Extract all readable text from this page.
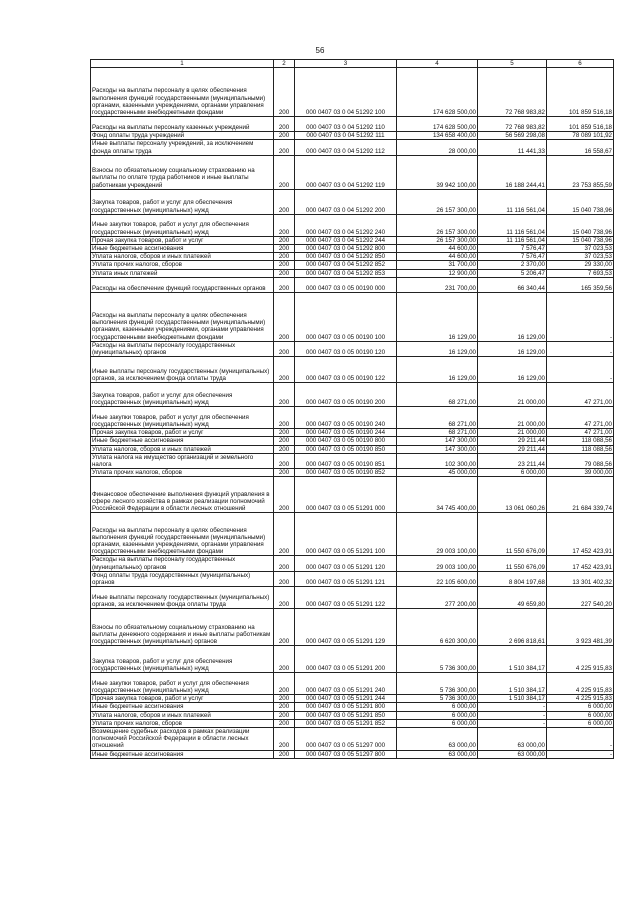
56
1	2	3	4	5	6
Расходы на выплаты персоналу в целях обеспечения выполнения функций государственными (муниципальными) органами, казенными учреждениями, органами управления государственными внебюджетными фондами	200	000 0407 03 0 04 51292 100	174 628 500,00	72 768 983,82	101 859 516,18
Расходы на выплаты персоналу казенных учреждений	200	000 0407 03 0 04 51292 110	174 628 500,00	72 768 983,82	101 859 516,18
Фонд оплаты труда учреждений	200	000 0407 03 0 04 51292 111	134 658 400,00	56 569 298,08	78 089 101,92
Иные выплаты персоналу учреждений, за исключением фонда оплаты труда	200	000 0407 03 0 04 51292 112	28 000,00	11 441,33	16 558,67
Взносы по обязательному социальному страхованию на выплаты по оплате труда работников и иные выплаты работникам учреждений	200	000 0407 03 0 04 51292 119	39 942 100,00	16 188 244,41	23 753 855,59
Закупка товаров, работ и услуг для обеспечения государственных (муниципальных) нужд	200	000 0407 03 0 04 51292 200	26 157 300,00	11 116 561,04	15 040 738,96
Иные закупки товаров, работ и услуг для обеспечения государственных (муниципальных) нужд	200	000 0407 03 0 04 51292 240	26 157 300,00	11 116 561,04	15 040 738,96
Прочая закупка товаров, работ и услуг	200	000 0407 03 0 04 51292 244	26 157 300,00	11 116 561,04	15 040 738,96
Иные бюджетные ассигнования	200	000 0407 03 0 04 51292 800	44 600,00	7 576,47	37 023,53
Уплата налогов, сборов и иных платежей	200	000 0407 03 0 04 51292 850	44 600,00	7 576,47	37 023,53
Уплата прочих налогов, сборов	200	000 0407 03 0 04 51292 852	31 700,00	2 370,00	29 330,00
Уплата иных платежей	200	000 0407 03 0 04 51292 853	12 900,00	5 206,47	7 693,53
Расходы на обеспечение функций государственных органов	200	000 0407 03 0 05 00190 000	231 700,00	66 340,44	165 359,56
Расходы на выплаты персоналу в целях обеспечения выполнения функций государственными (муниципальными) органами, казенными учреждениями, органами управления государственными внебюджетными фондами	200	000 0407 03 0 05 00190 100	16 129,00	16 129,00	-
Расходы на выплаты персоналу государственных (муниципальных) органов	200	000 0407 03 0 05 00190 120	16 129,00	16 129,00	-
Иные выплаты персоналу государственных (муниципальных) органов, за исключением фонда оплаты труда	200	000 0407 03 0 05 00190 122	16 129,00	16 129,00	-
Закупка товаров, работ и услуг для обеспечения государственных (муниципальных) нужд	200	000 0407 03 0 05 00190 200	68 271,00	21 000,00	47 271,00
Иные закупки товаров, работ и услуг для обеспечения государственных (муниципальных) нужд	200	000 0407 03 0 05 00190 240	68 271,00	21 000,00	47 271,00
Прочая закупка товаров, работ и услуг	200	000 0407 03 0 05 00190 244	68 271,00	21 000,00	47 271,00
Иные бюджетные ассигнования	200	000 0407 03 0 05 00190 800	147 300,00	29 211,44	118 088,56
Уплата налогов, сборов и иных платежей	200	000 0407 03 0 05 00190 850	147 300,00	29 211,44	118 088,56
Уплата налога на имущество организаций и земельного налога	200	000 0407 03 0 05 00190 851	102 300,00	23 211,44	79 088,56
Уплата прочих налогов, сборов	200	000 0407 03 0 05 00190 852	45 000,00	6 000,00	39 000,00
Финансовое обеспечение выполнения функций управления в сфере лесного хозяйства в рамках реализации полномочий Российской Федерации в области лесных отношений	200	000 0407 03 0 05 51291 000	34 745 400,00	13 061 060,26	21 684 339,74
Расходы на выплаты персоналу в целях обеспечения выполнения функций государственными (муниципальными) органами, казенными учреждениями, органами управления государственными внебюджетными фондами	200	000 0407 03 0 05 51291 100	29 003 100,00	11 550 676,09	17 452 423,91
Расходы на выплаты персоналу государственных (муниципальных) органов	200	000 0407 03 0 05 51291 120	29 003 100,00	11 550 676,09	17 452 423,91
Фонд оплаты труда государственных (муниципальных) органов	200	000 0407 03 0 05 51291 121	22 105 600,00	8 804 197,68	13 301 402,32
Иные выплаты персоналу государственных (муниципальных) органов, за исключением фонда оплаты труда	200	000 0407 03 0 05 51291 122	277 200,00	49 659,80	227 540,20
Взносы по обязательному социальному страхованию на выплаты денежного содержания и иные выплаты работникам государственных (муниципальных) органов	200	000 0407 03 0 05 51291 129	6 620 300,00	2 696 818,61	3 923 481,39
Закупка товаров, работ и услуг для обеспечения государственных (муниципальных) нужд	200	000 0407 03 0 05 51291 200	5 736 300,00	1 510 384,17	4 225 915,83
Иные закупки товаров, работ и услуг для обеспечения государственных (муниципальных) нужд	200	000 0407 03 0 05 51291 240	5 736 300,00	1 510 384,17	4 225 915,83
Прочая закупка товаров, работ и услуг	200	000 0407 03 0 05 51291 244	5 736 300,00	1 510 384,17	4 225 915,83
Иные бюджетные ассигнования	200	000 0407 03 0 05 51291 800	6 000,00	-	6 000,00
Уплата налогов, сборов и иных платежей	200	000 0407 03 0 05 51291 850	6 000,00	-	6 000,00
Уплата прочих налогов, сборов	200	000 0407 03 0 05 51291 852	6 000,00	-	6 000,00
Возмещение судебных расходов в рамках реализации полномочий Российской Федерации в области лесных отношений	200	000 0407 03 0 05 51297 000	63 000,00	63 000,00	-
Иные бюджетные ассигнования	200	000 0407 03 0 05 51297 800	63 000,00	63 000,00	-
